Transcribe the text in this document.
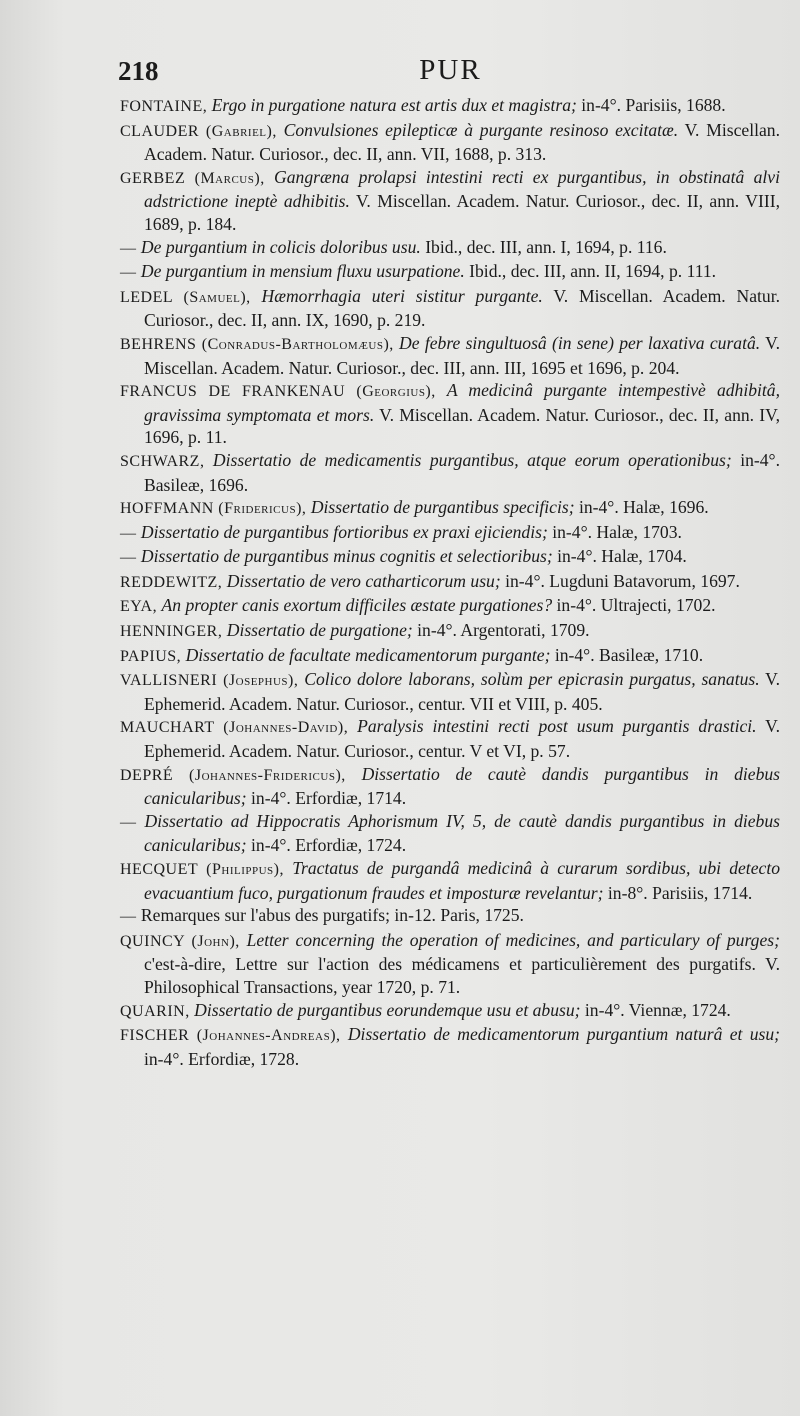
218	PUR

FONTAINE, Ergo in purgatione natura est artis dux et magistra; in-4°. Parisiis, 1688.

CLAUDER (Gabriel), Convulsiones epilepticæ à purgante resinoso excitatæ. V. Miscellan. Academ. Natur. Curiosor., dec. II, ann. VII, 1688, p. 313.

GERBEZ (Marcus), Gangræna prolapsi intestini recti ex purgantibus, in obstinatâ alvi adstrictione ineptè adhibitis. V. Miscellan. Academ. Natur. Curiosor., dec. II, ann. VIII, 1689, p. 184.

— De purgantium in colicis doloribus usu. Ibid., dec. III, ann. I, 1694, p. 116.

— De purgantium in mensium fluxu usurpatione. Ibid., dec. III, ann. II, 1694, p. 111.

LEDEL (Samuel), Hæmorrhagia uteri sistitur purgante. V. Miscellan. Academ. Natur. Curiosor., dec. II, ann. IX, 1690, p. 219.

BEHRENS (Conradus-Bartholomæus), De febre singultuosâ (in sene) per laxativa curatâ. V. Miscellan. Academ. Natur. Curiosor., dec. III, ann. III, 1695 et 1696, p. 204.

FRANCUS DE FRANKENAU (Georgius), A medicinâ purgante intempestivè adhibitâ, gravissima symptomata et mors. V. Miscellan. Academ. Natur. Curiosor., dec. II, ann. IV, 1696, p. 11.

SCHWARZ, Dissertatio de medicamentis purgantibus, atque eorum operationibus; in-4°. Basileæ, 1696.

HOFFMANN (Fridericus), Dissertatio de purgantibus specificis; in-4°. Halæ, 1696.

— Dissertatio de purgantibus fortioribus ex praxi ejiciendis; in-4°. Halæ, 1703.

— Dissertatio de purgantibus minus cognitis et selectioribus; in-4°. Halæ, 1704.

REDDEWITZ, Dissertatio de vero catharticorum usu; in-4°. Lugduni Batavorum, 1697.

EYA, An propter canis exortum difficiles æstate purgationes? in-4°. Ultrajecti, 1702.

HENNINGER, Dissertatio de purgatione; in-4°. Argentorati, 1709.

PAPIUS, Dissertatio de facultate medicamentorum purgante; in-4°. Basileæ, 1710.

VALLISNERI (Josephus), Colico dolore laborans, solùm per epicrasin purgatus, sanatus. V. Ephemerid. Academ. Natur. Curiosor., centur. VII et VIII, p. 405.

MAUCHART (Johannes-David), Paralysis intestini recti post usum purgantis drastici. V. Ephemerid. Academ. Natur. Curiosor., centur. V et VI, p. 57.

DEPRÉ (Johannes-Fridericus), Dissertatio de cautè dandis purgantibus in diebus canicularibus; in-4°. Erfordiæ, 1714.

— Dissertatio ad Hippocratis Aphorismum IV, 5, de cautè dandis purgantibus in diebus canicularibus; in-4°. Erfordiæ, 1724.

HECQUET (Philippus), Tractatus de purgandâ medicinâ à curarum sordibus, ubi detecto evacuantium fuco, purgationum fraudes et imposturæ revelantur; in-8°. Parisiis, 1714.

— Remarques sur l'abus des purgatifs; in-12. Paris, 1725.

QUINCY (John), Letter concerning the operation of medicines, and particulary of purges; c'est-à-dire, Lettre sur l'action des médicamens et particulièrement des purgatifs. V. Philosophical Transactions, year 1720, p. 71.

QUARIN, Dissertatio de purgantibus eorundemque usu et abusu; in-4°. Viennæ, 1724.

FISCHER (Johannes-Andreas), Dissertatio de medicamentorum purgantium naturâ et usu; in-4°. Erfordiæ, 1728.
